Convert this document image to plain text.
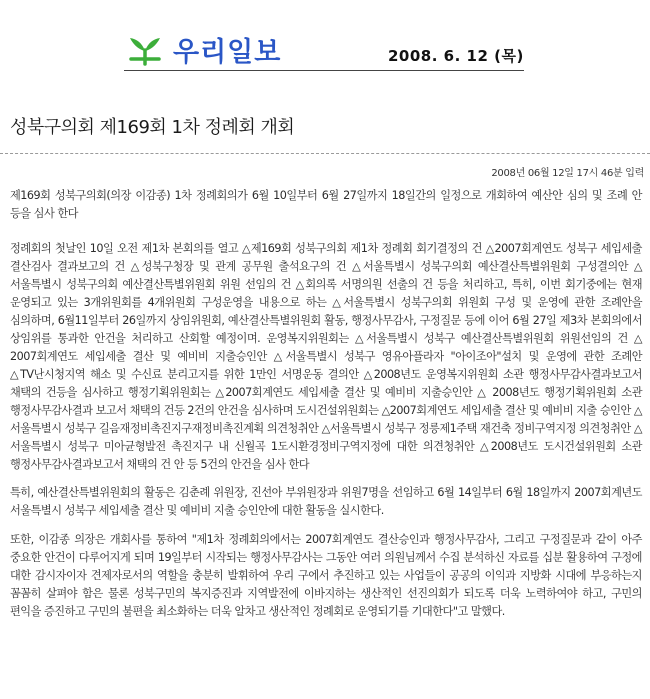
우리일보	2008. 6. 12 (목)
성북구의회 제169회 1차 정례회 개회
2008년 06월 12일 17시 46분 입력

제169회 성북구의회(의장 이감종) 1차 정례회의가 6월 10일부터 6월 27일까지 18일간의 일정으로 개회하여 예산안 심의 및 조례 안 등을 심사 한다

정례회의 첫날인 10일 오전 제1차 본회의를 열고 △제169회 성북구의회 제1차 정례회 회기결정의 건 △2007회계연도 성북구 세입세출 결산검사 결과보고의 건 △성북구청장 및 관계 공무원 출석요구의 건 △서울특별시 성북구의회 예산결산특별위원회 구성결의안 △서울특별시 성북구의회 예산결산특별위원회 위원 선임의 건 △회의록 서명의원 선출의 건 등을 처리하고, 특히, 이번 회기중에는 현재 운영되고 있는 3개위원회를 4개위원회 구성운영을 내용으로 하는 △서울특별시 성북구의회 위원회 구성 및 운영에 관한 조례안을 심의하며, 6월11일부터 26일까지 상임위원회, 예산결산특별위원회 활동, 행정사무감사, 구정질문 등에 이어 6월 27일 제3차 본회의에서 상임위를 통과한 안건을 처리하고 산회할 예정이며. 운영복지위원회는 △서울특별시 성북구 예산결산특별위원회 위원선임의 건 △ 2007회계연도 세입세출 결산 및 예비비 지출승인안 △서울특별시 성북구 영유아플라자 "아이조아"설치 및 운영에 관한 조례안 △TV난시청지역 해소 및 수신료 분리고지를 위한 1만인 서명운동 결의안 △2008년도 운영복지위원회 소관 행정사무감사결과보고서 채택의 건등을 심사하고 행정기획위원회는 △2007회계연도 세입세출 결산 및 예비비 지출승인안 △ 2008년도 행정기획위원회 소관 행정사무감사결과 보고서 채택의 건등 2건의 안건을 심사하며 도시건설위원회는 △2007회계연도 세입세출 결산 및 예비비 지출 승인안 △서울특별시 성북구 길음재정비촉진지구재정비촉진계획 의견청취안 △서울특별시 성북구 정릉제1주택 재건축 정비구역지정 의견청취안 △서울특별시 성북구 미아균형발전 촉진지구 내 신월곡 1도시환경정비구역지정에 대한 의견청취안 △2008년도 도시건설위원회 소관 행정사무감사결과보고서 채택의 건 안 등 5건의 안건을 심사 한다

특히, 예산결산특별위원회의 활동은 김춘례 위원장, 진선아 부위원장과 위원7명을 선임하고 6월 14일부터 6월 18일까지 2007회계년도 서울특별시 성북구 세입세출 결산 및 예비비 지출 승인안에 대한 활동을 실시한다.

또한, 이감종 의장은 개회사를 통하여 "제1차 정례회의에서는 2007회계연도 결산승인과 행정사무감사, 그리고 구정질문과 같이 아주 중요한 안건이 다루어지게 되며 19일부터 시작되는 행정사무감사는 그동안 여러 의원님께서 수집 분석하신 자료를 십분 활용하여 구정에 대한 감시자이자 견제자로서의 역할을 충분히 발휘하여 우리 구에서 추진하고 있는 사업들이 공공의 이익과 지방화 시대에 부응하는지 꼼꼼히 살펴야 함은 물론 성북구민의 복지증진과 지역발전에 이바지하는 생산적인 선진의회가 되도록 더욱 노력하여야 하고, 구민의 편익을 증진하고 구민의 불편을 최소화하는 더욱 알차고 생산적인 정례회로 운영되기를 기대한다"고 말했다.
